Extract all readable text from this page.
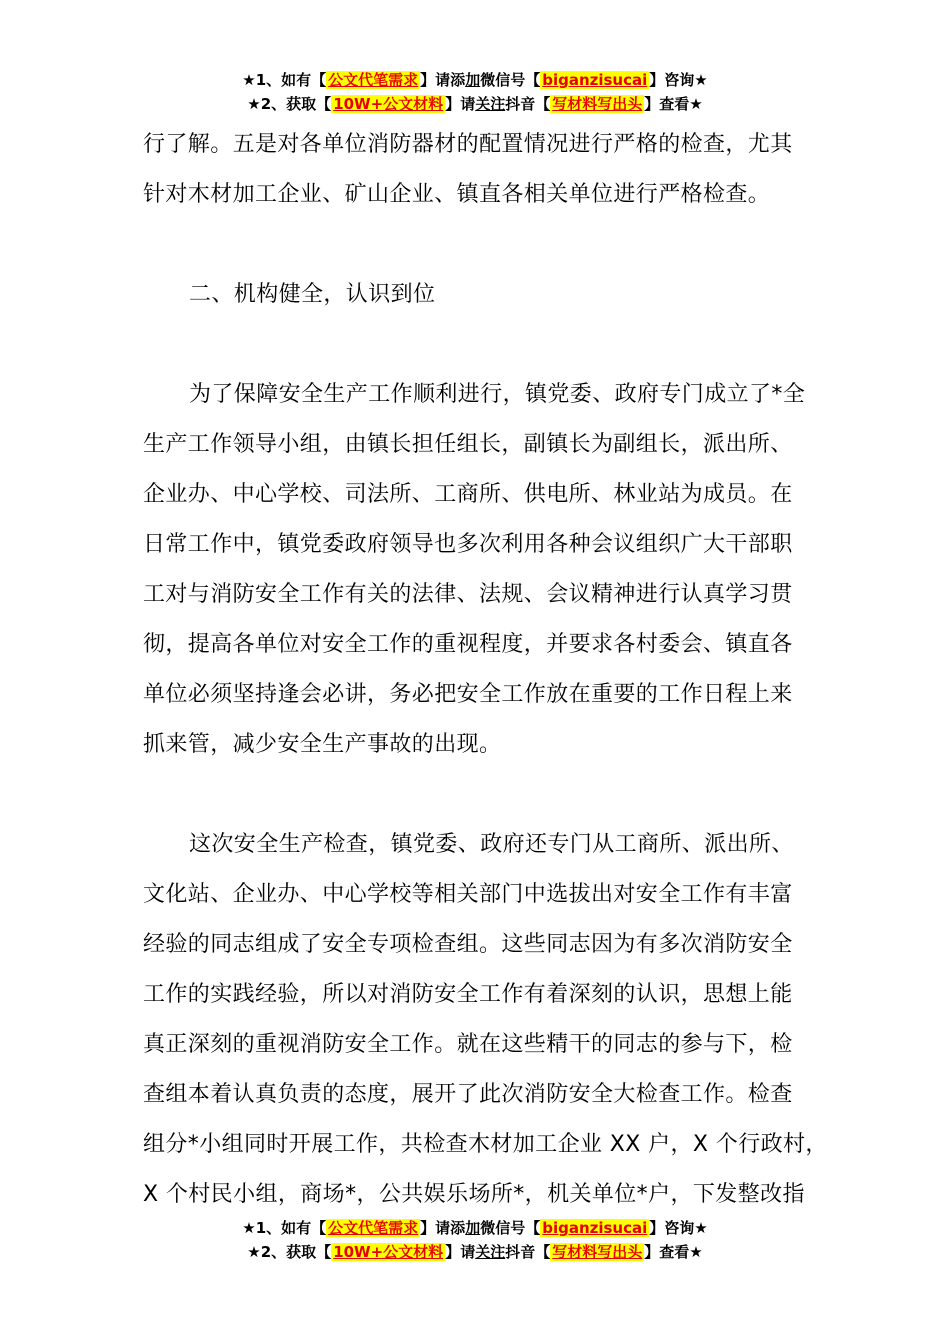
★1、如有【 公文代笔需求 】请添加微信号【 biganzisucai 】咨询★
★2、获取【 10W+公文材料 】请关注抖音【 写材料写出头 】查看★

行了解。五是对各单位消防器材的配置情况进行严格的检查，尤其
针对木材加工企业、矿山企业、镇直各相关单位进行严格检查。

二、机构健全，认识到位

为了保障安全生产工作顺利进行，镇党委、政府专门成立了*全
生产工作领导小组，由镇长担任组长，副镇长为副组长，派出所、
企业办、中心学校、司法所、工商所、供电所、林业站为成员。在
日常工作中，镇党委政府领导也多次利用各种会议组织广大干部职
工对与消防安全工作有关的法律、法规、会议精神进行认真学习贯
彻，提高各单位对安全工作的重视程度，并要求各村委会、镇直各
单位必须坚持逢会必讲，务必把安全工作放在重要的工作日程上来
抓来管，减少安全生产事故的出现。

这次安全生产检查，镇党委、政府还专门从工商所、派出所、
文化站、企业办、中心学校等相关部门中选拔出对安全工作有丰富
经验的同志组成了安全专项检查组。这些同志因为有多次消防安全
工作的实践经验，所以对消防安全工作有着深刻的认识，思想上能
真正深刻的重视消防安全工作。就在这些精干的同志的参与下，检
查组本着认真负责的态度，展开了此次消防安全大检查工作。检查
组分*小组同时开展工作，共检查木材加工企业 XX 户，X 个行政村，
X 个村民小组，商场*，公共娱乐场所*，机关单位*户，下发整改指

★1、如有【 公文代笔需求 】请添加微信号【 biganzisucai 】咨询★
★2、获取【 10W+公文材料 】请关注抖音【 写材料写出头 】查看★
